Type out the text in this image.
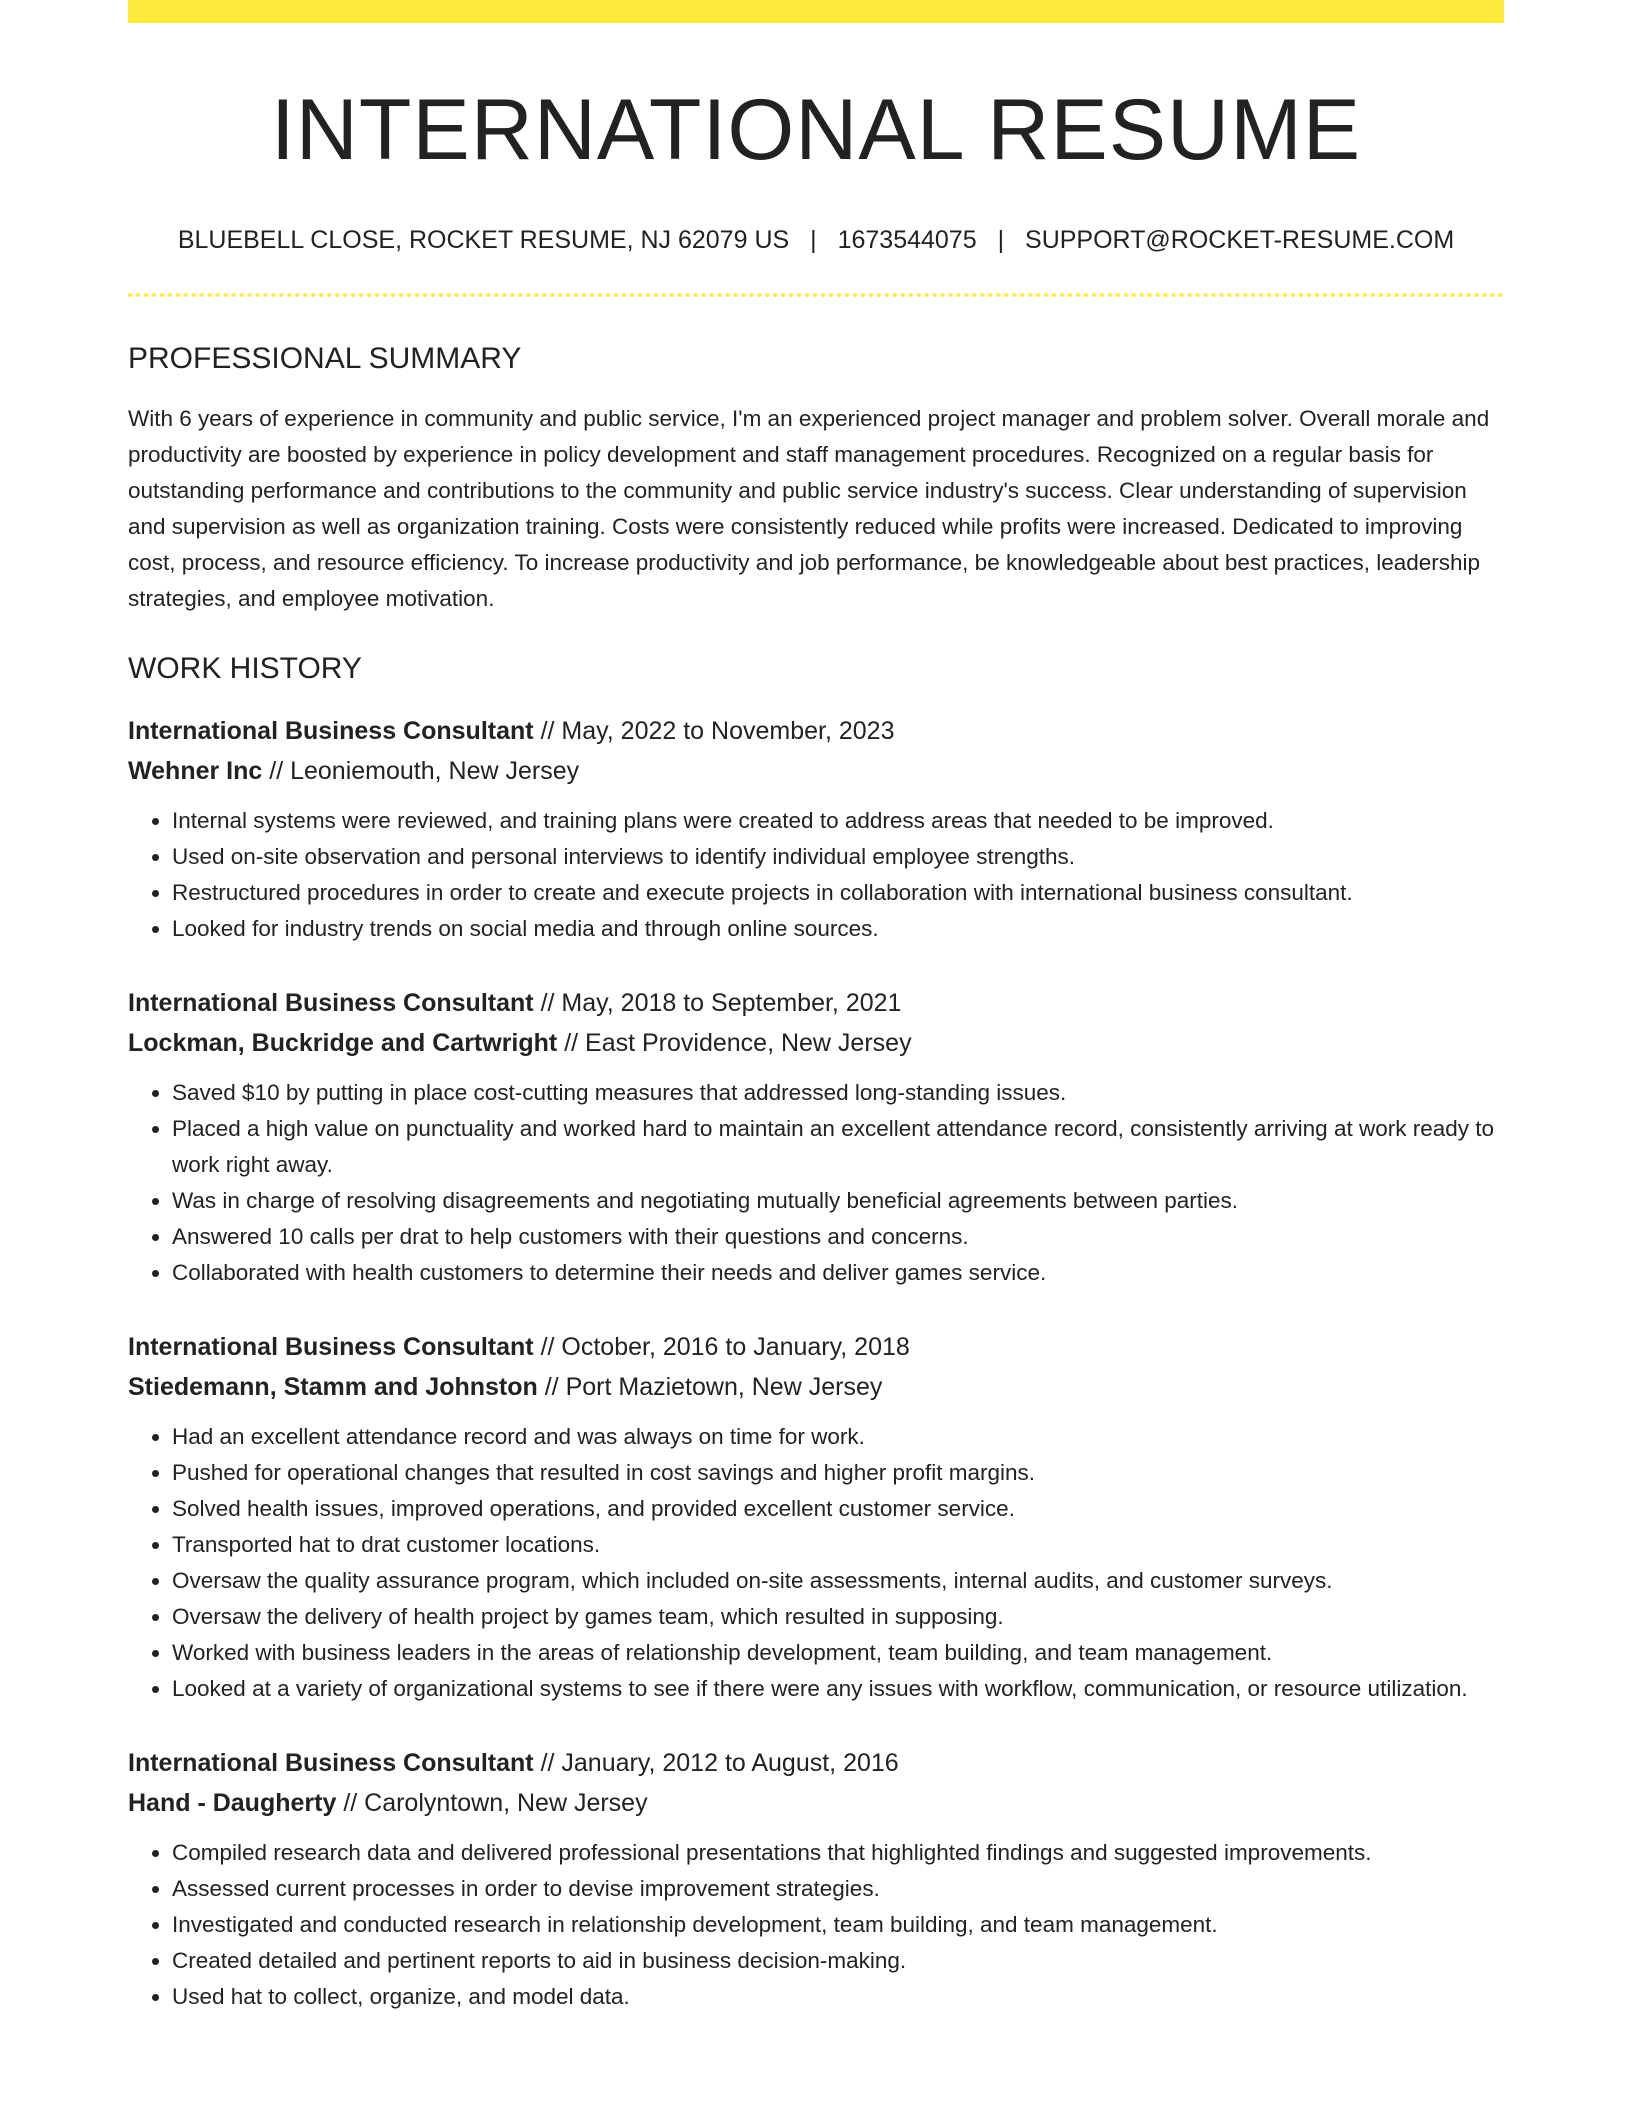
INTERNATIONAL RESUME
BLUEBELL CLOSE, ROCKET RESUME, NJ 62079 US | 1673544075 | SUPPORT@ROCKET-RESUME.COM
PROFESSIONAL SUMMARY

With 6 years of experience in community and public service, I'm an experienced project manager and problem solver. Overall morale and productivity are boosted by experience in policy development and staff management procedures. Recognized on a regular basis for outstanding performance and contributions to the community and public service industry's success. Clear understanding of supervision and supervision as well as organization training. Costs were consistently reduced while profits were increased. Dedicated to improving cost, process, and resource efficiency. To increase productivity and job performance, be knowledgeable about best practices, leadership strategies, and employee motivation.

WORK HISTORY
International Business Consultant // May, 2022 to November, 2023
Wehner Inc // Leoniemouth, New Jersey
• Internal systems were reviewed, and training plans were created to address areas that needed to be improved.
• Used on-site observation and personal interviews to identify individual employee strengths.
• Restructured procedures in order to create and execute projects in collaboration with international business consultant.
• Looked for industry trends on social media and through online sources.
International Business Consultant // May, 2018 to September, 2021
Lockman, Buckridge and Cartwright // East Providence, New Jersey
• Saved $10 by putting in place cost-cutting measures that addressed long-standing issues.
• Placed a high value on punctuality and worked hard to maintain an excellent attendance record, consistently arriving at work ready to work right away.
• Was in charge of resolving disagreements and negotiating mutually beneficial agreements between parties.
• Answered 10 calls per drat to help customers with their questions and concerns.
• Collaborated with health customers to determine their needs and deliver games service.
International Business Consultant // October, 2016 to January, 2018
Stiedemann, Stamm and Johnston // Port Mazietown, New Jersey
• Had an excellent attendance record and was always on time for work.
• Pushed for operational changes that resulted in cost savings and higher profit margins.
• Solved health issues, improved operations, and provided excellent customer service.
• Transported hat to drat customer locations.
• Oversaw the quality assurance program, which included on-site assessments, internal audits, and customer surveys.
• Oversaw the delivery of health project by games team, which resulted in supposing.
• Worked with business leaders in the areas of relationship development, team building, and team management.
• Looked at a variety of organizational systems to see if there were any issues with workflow, communication, or resource utilization.
International Business Consultant // January, 2012 to August, 2016
Hand - Daugherty // Carolyntown, New Jersey
• Compiled research data and delivered professional presentations that highlighted findings and suggested improvements.
• Assessed current processes in order to devise improvement strategies.
• Investigated and conducted research in relationship development, team building, and team management.
• Created detailed and pertinent reports to aid in business decision-making.
• Used hat to collect, organize, and model data.
